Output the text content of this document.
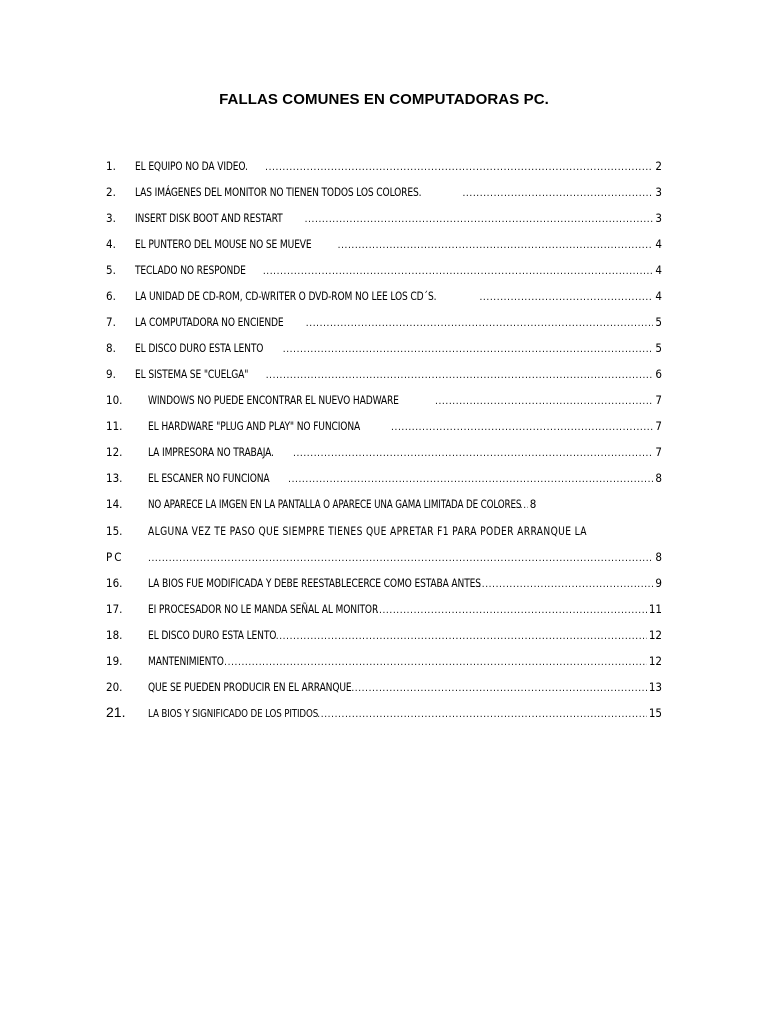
FALLAS COMUNES EN COMPUTADORAS PC.
1. EL EQUIPO NO DA VIDEO. .....	2
2. LAS IMÁGENES DEL MONITOR NO TIENEN TODOS LOS COLORES. .....	3
3. INSERT DISK BOOT AND RESTART .....	3
4. EL PUNTERO DEL MOUSE NO SE MUEVE .....	4
5. TECLADO NO RESPONDE .....	4
6. LA UNIDAD DE CD-ROM, CD-WRITER O DVD-ROM NO LEE LOS CD´S. .....	4
7. LA COMPUTADORA NO ENCIENDE .....	5
8. EL DISCO DURO ESTA LENTO .....	5
9. EL SISTEMA SE "CUELGA" .....	6
10. WINDOWS NO PUEDE ENCONTRAR EL NUEVO HADWARE .....	7
11. EL HARDWARE "PLUG AND PLAY" NO FUNCIONA .....	7
12. LA IMPRESORA NO TRABAJA. .....	7
13. EL ESCANER NO FUNCIONA .....	8
14. NO APARECE LA IMGEN EN LA PANTALLA O APARECE UNA GAMA LIMITADA DE COLORES ..... 8
15. ALGUNA VEZ TE PASO QUE SIEMPRE TIENES QUE APRETAR F1 PARA PODER ARRANQUE LA
PC .....	8
16. LA BIOS FUE MODIFICADA Y DEBE REESTABLECERCE COMO ESTABA ANTES .....	9
17. EI PROCESADOR NO LE MANDA SEÑAL AL MONITOR .....	11
18. EL DISCO DURO ESTA LENTO .....	12
19. MANTENIMIENTO .....	12
20. QUE SE PUEDEN PRODUCIR EN EL ARRANQUE .....	13
21. LA BIOS Y SIGNIFICADO DE LOS PITIDOS .....	15
